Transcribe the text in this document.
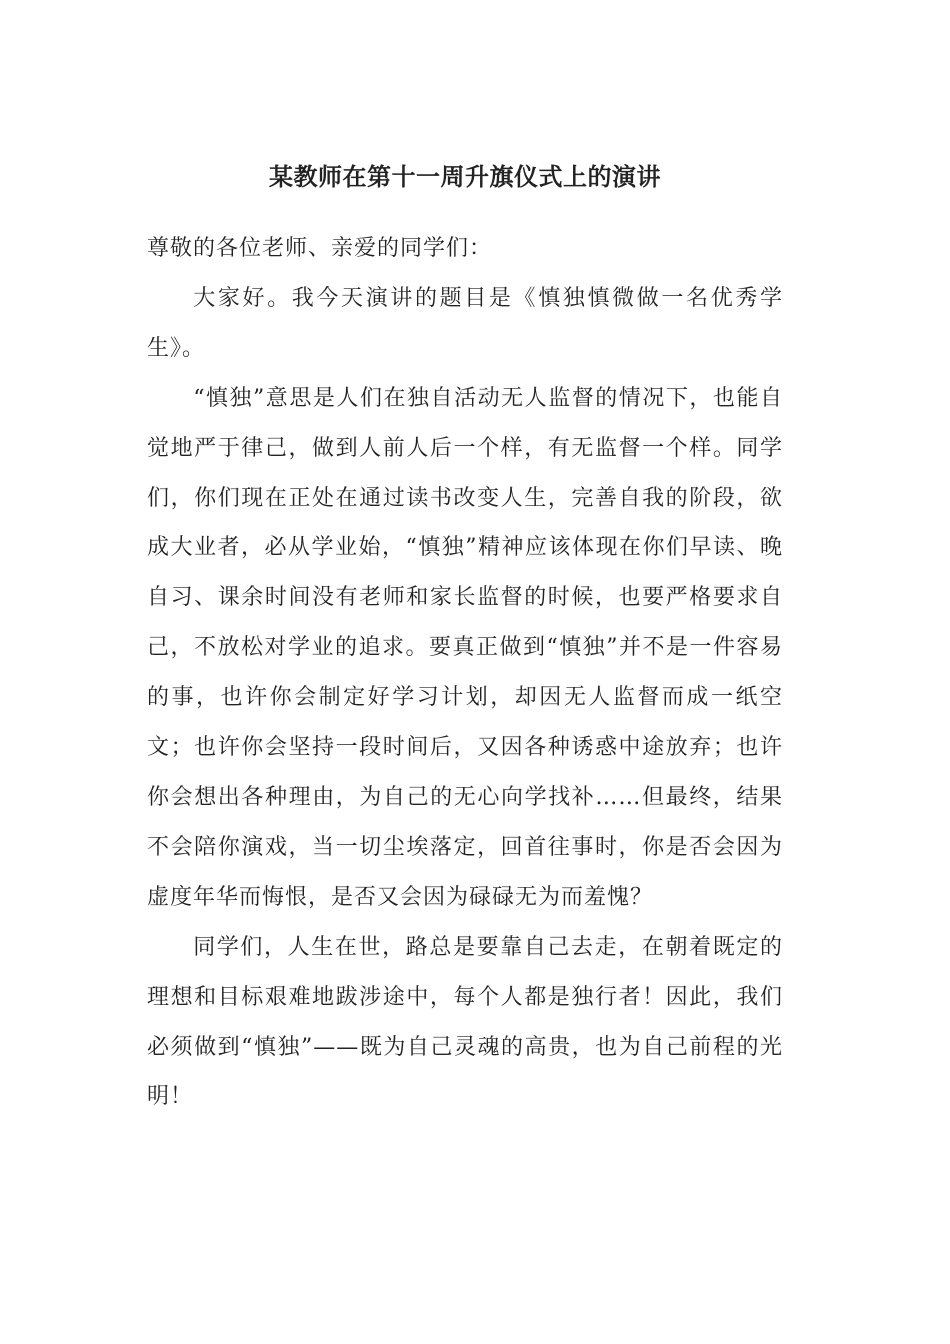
某教师在第十一周升旗仪式上的演讲

尊敬的各位老师、亲爱的同学们：

大家好。我今天演讲的题目是《慎独慎微做一名优秀学生》。

“慎独”意思是人们在独自活动无人监督的情况下，也能自觉地严于律己，做到人前人后一个样，有无监督一个样。同学们，你们现在正处在通过读书改变人生，完善自我的阶段，欲成大业者，必从学业始，“慎独”精神应该体现在你们早读、晚自习、课余时间没有老师和家长监督的时候，也要严格要求自己，不放松对学业的追求。要真正做到“慎独”并不是一件容易的事，也许你会制定好学习计划，却因无人监督而成一纸空文；也许你会坚持一段时间后，又因各种诱惑中途放弃；也许你会想出各种理由，为自己的无心向学找补……但最终，结果不会陪你演戏，当一切尘埃落定，回首往事时，你是否会因为虚度年华而悔恨，是否又会因为碌碌无为而羞愧？

同学们，人生在世，路总是要靠自己去走，在朝着既定的理想和目标艰难地跋涉途中，每个人都是独行者！因此，我们必须做到“慎独”——既为自己灵魂的高贵，也为自己前程的光明！
